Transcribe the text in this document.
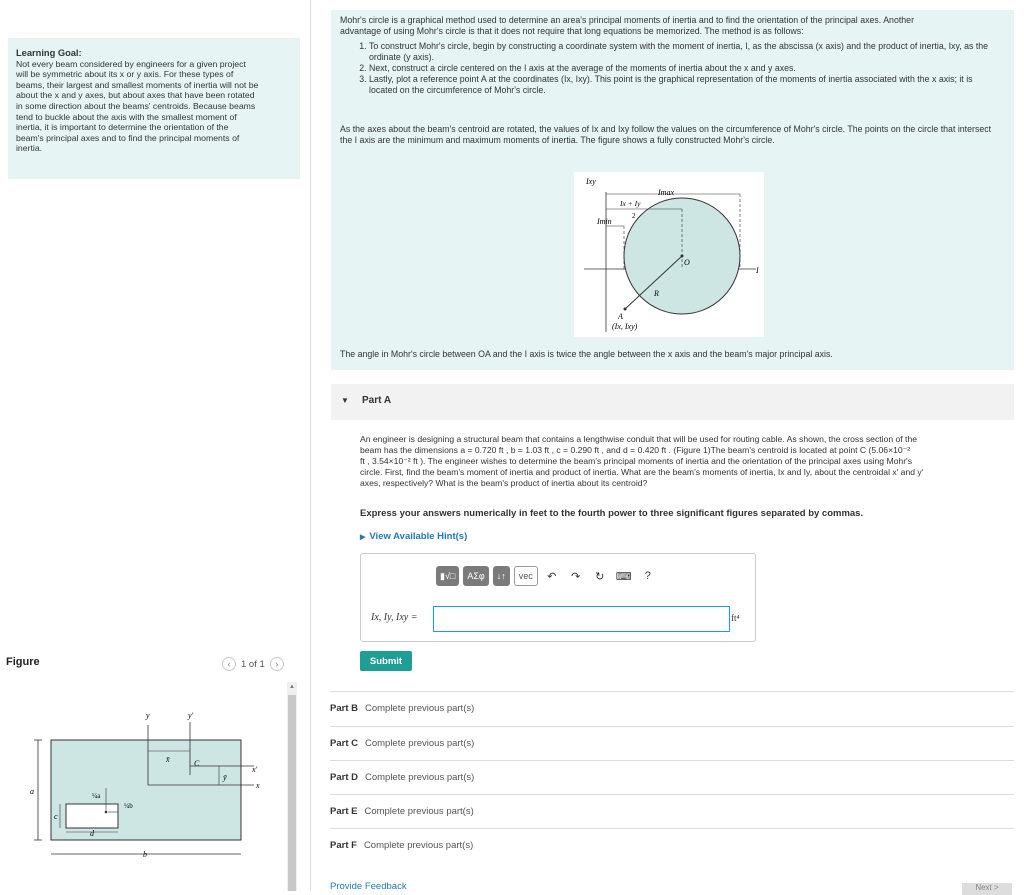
Learning Goal:
Not every beam considered by engineers for a given project
will be symmetric about its x or y axis. For these types of
beams, their largest and smallest moments of inertia will not be
about the x and y axes, but about axes that have been rotated
in some direction about the beams' centroids. Because beams
tend to buckle about the axis with the smallest moment of
inertia, it is important to determine the orientation of the
beam's principal axes and to find the principal moments of
inertia.
Figure	‹	1 of 1	›
a
b
d
c
¼a
¼b
y
x
y′
x′
x̄	C
ȳ
▲

Mohr's circle is a graphical method used to determine an area's principal moments of inertia and to find the orientation of the principal axes. Another

advantage of using Mohr's circle is that it does not require that long equations be memorized. The method is as follows:

1. To construct Mohr's circle, begin by constructing a coordinate system with the moment of inertia, I, as the abscissa (x axis) and the product of inertia, Ixy, as the ordinate (y axis).
2. Next, construct a circle centered on the I axis at the average of the moments of inertia about the x and y axes.
3. Lastly, plot a reference point A at the coordinates (Ix, Ixy). This point is the graphical representation of the moments of inertia associated with the x axis; it is located on the circumference of Mohr's circle.
As the axes about the beam's centroid are rotated, the values of Ix and Ixy follow the values on the circumference of Mohr's circle. The points on the circle that intersect the I axis are the minimum and maximum moments of inertia. The figure shows a fully constructed Mohr's circle.
Ixy
Imax
Ix + Iy
2
Imin
O
I
R
A
(Ix, Ixy)
The angle in Mohr's circle between OA and the I axis is twice the angle between the x axis and the beam's major principal axis.
▼ Part A
An engineer is designing a structural beam that contains a lengthwise conduit that will be used for routing cable. As shown, the cross section of the
beam has the dimensions a = 0.720 ft , b = 1.03 ft , c = 0.290 ft , and d = 0.420 ft . (Figure 1)The beam's centroid is located at point C (5.06×10⁻²
ft , 3.54×10⁻² ft ). The engineer wishes to determine the beam's principal moments of inertia and the orientation of the principal axes using Mohr's
circle. First, find the beam's moment of inertia and product of inertia. What are the beam's moments of inertia, Ix and Iy, about the centroidal x′ and y′
axes, respectively? What is the beam's product of inertia about its centroid?
Express your answers numerically in feet to the fourth power to three significant figures separated by commas.
▶ View Available Hint(s)
▮√□	ΑΣφ	↓↑	vec	↶	↷	↻	⌨	?
Ix, Iy, Ixy =	ft⁴
Submit
Part B Complete previous part(s)
Part C Complete previous part(s)
Part D Complete previous part(s)
Part E Complete previous part(s)
Part F Complete previous part(s)
Provide Feedback	Next >
